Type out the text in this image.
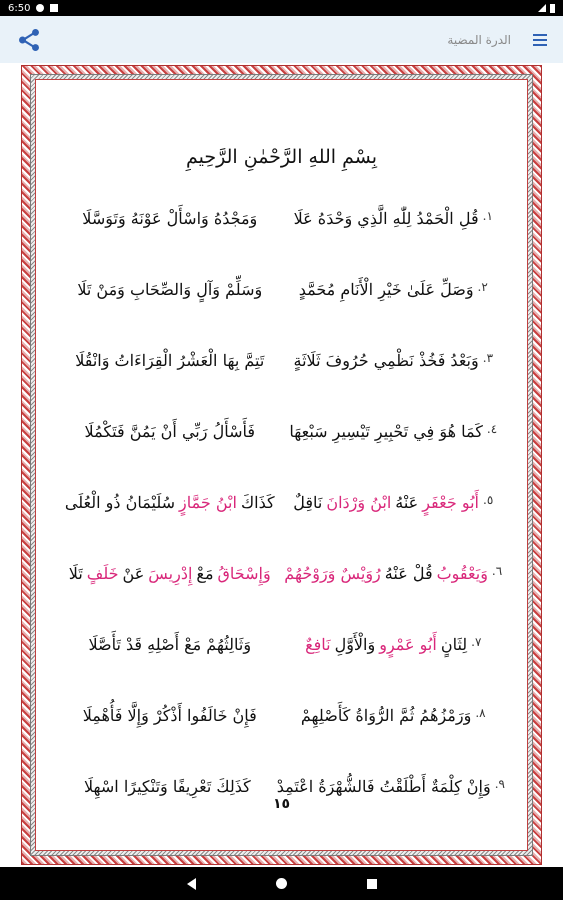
6:50
الدرة المضية
بِسْمِ اللهِ الرَّحْمٰنِ الرَّحِيمِ
١.
قُلِ الْحَمْدُ لِلّٰهِ الَّذِي وَحْدَهُ عَلَا
وَمَجْدُهُ وَاسْأَلْ عَوْنَهُ وَتَوَسَّلَا
٢.
وَصَلِّ عَلَىٰ خَيْرِ الْأَنَامِ مُحَمَّدٍ
وَسَلِّمْ وَآلٍ وَالصِّحَابِ وَمَنْ تَلَا
٣.
وَبَعْدُ فَخُذْ نَظْمِي حُرُوفَ ثَلَاثَةٍ
تَتِمَّ بِهَا الْعَشْرُ الْقِرَاءَاتُ وَانْقُلَا
٤.
كَمَا هُوَ فِي تَحْبِيرِ تَيْسِيرِ سَبْعِهَا
فَأَسْأَلُ رَبِّي أَنْ يَمُنَّ فَتَكْمُلَا
٥.
أَبُو جَعْفَرٍ
عَنْهُ
ابْنُ وَرْدَانَ
نَاقِلٌ
كَذَاكَ
ابْنُ جَمَّازٍ
سُلَيْمَانُ ذُو الْعُلَى
٦.
وَيَعْقُوبُ
قُلْ عَنْهُ
رُوَيْسٌ وَرَوْحُهُمْ
وَإِسْحَاقُ
مَعْ
إِدْرِيسَ
عَنْ
خَلَفٍ
تَلَا
٧.
لِثَانٍ
أَبُو عَمْرٍو
وَالْأَوَّلِ
نَافِعٌ
وَثَالِثُهُمْ مَعْ أَصْلِهِ قَدْ تَأَصَّلَا
٨.
وَرَمْزُهُمُ ثُمَّ الرُّوَاةُ كَأَصْلِهِمْ
فَإِنْ خَالَفُوا أَذْكُرْ وَإِلَّا فَأُهْمِلَا
٩.
وَإِنْ كِلْمَةٌ أَطْلَقْتُ فَالشُّهْرَةُ اعْتَمِدْ
كَذَلِكَ تَعْرِيفًا وَتَنْكِيرًا اسْهِلَا
١٥
